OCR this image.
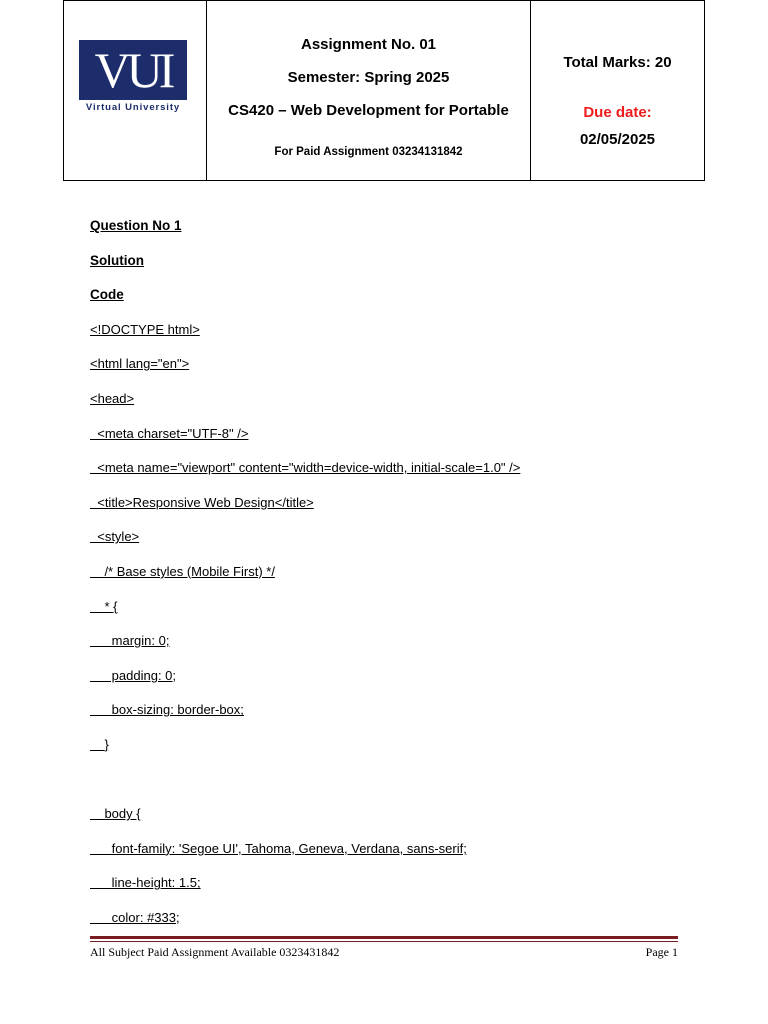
VUI
Virtual University
Assignment No. 01
Semester: Spring 2025
CS420 – Web Development for Portable
For Paid Assignment 03234131842
Total Marks: 20
Due date:
02/05/2025
Question No 1
Solution
Code
<!DOCTYPE html>
<html lang="en">
<head>
<meta charset="UTF-8" />
<meta name="viewport" content="width=device-width, initial-scale=1.0" />
<title>Responsive Web Design</title>
<style>
/* Base styles (Mobile First) */
* {
margin: 0;
padding: 0;
box-sizing: border-box;
}
body {
font-family: 'Segoe UI', Tahoma, Geneva, Verdana, sans-serif;
line-height: 1.5;
color: #333;
All Subject Paid Assignment Available 0323431842	Page 1
